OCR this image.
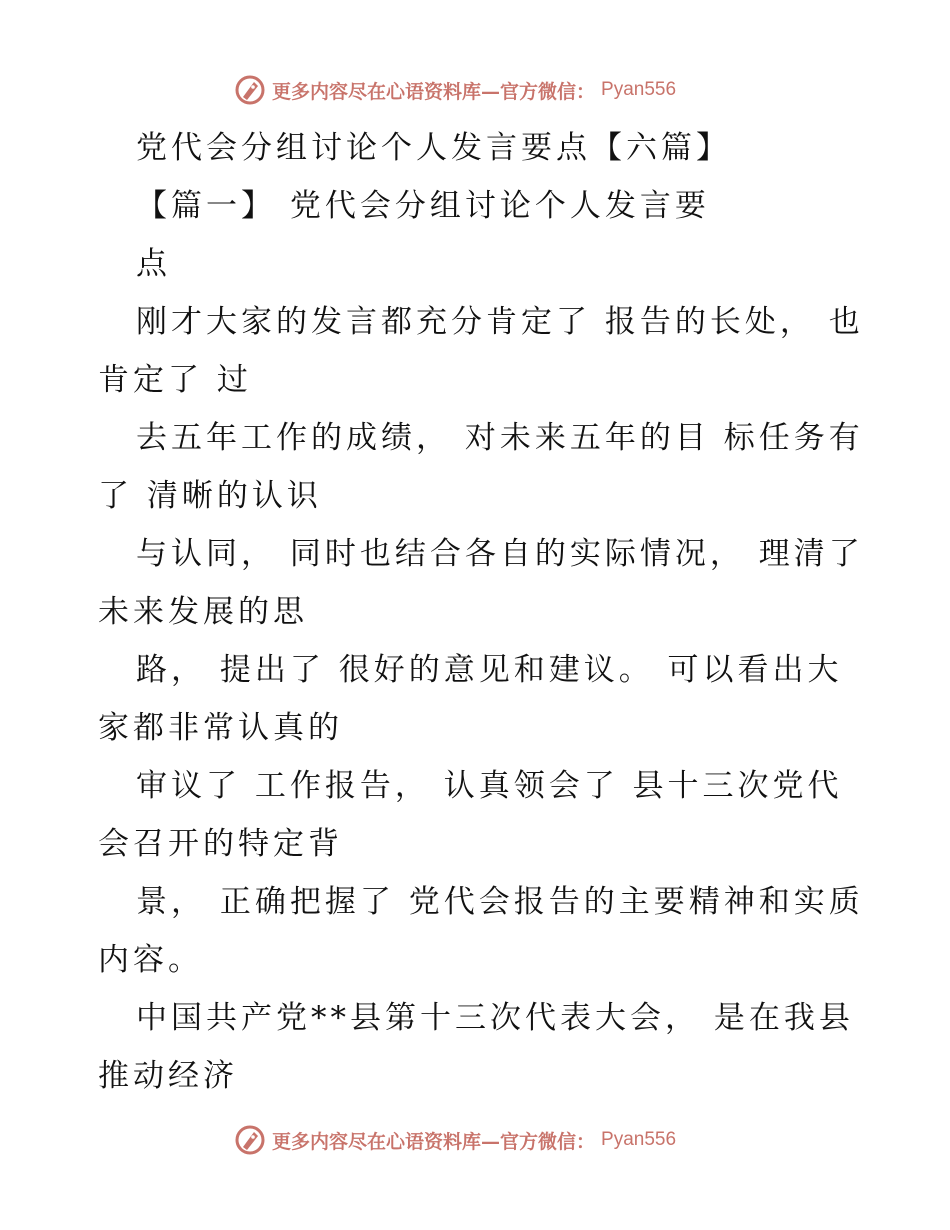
更多内容尽在心语资料库—官方微信： Pyan556
党代会分组讨论个人发言要点【六篇】
【篇一】 党代会分组讨论个人发言要
点
刚才大家的发言都充分肯定了 报告的长处， 也
肯定了 过
去五年工作的成绩， 对未来五年的目 标任务有
了 清晰的认识
与认同， 同时也结合各自的实际情况， 理清了
未来发展的思
路， 提出了 很好的意见和建议。 可以看出大
家都非常认真的
审议了 工作报告， 认真领会了 县十三次党代
会召开的特定背
景， 正确把握了 党代会报告的主要精神和实质
内容。
中国共产党**县第十三次代表大会， 是在我县
推动经济
更多内容尽在心语资料库—官方微信： Pyan556
